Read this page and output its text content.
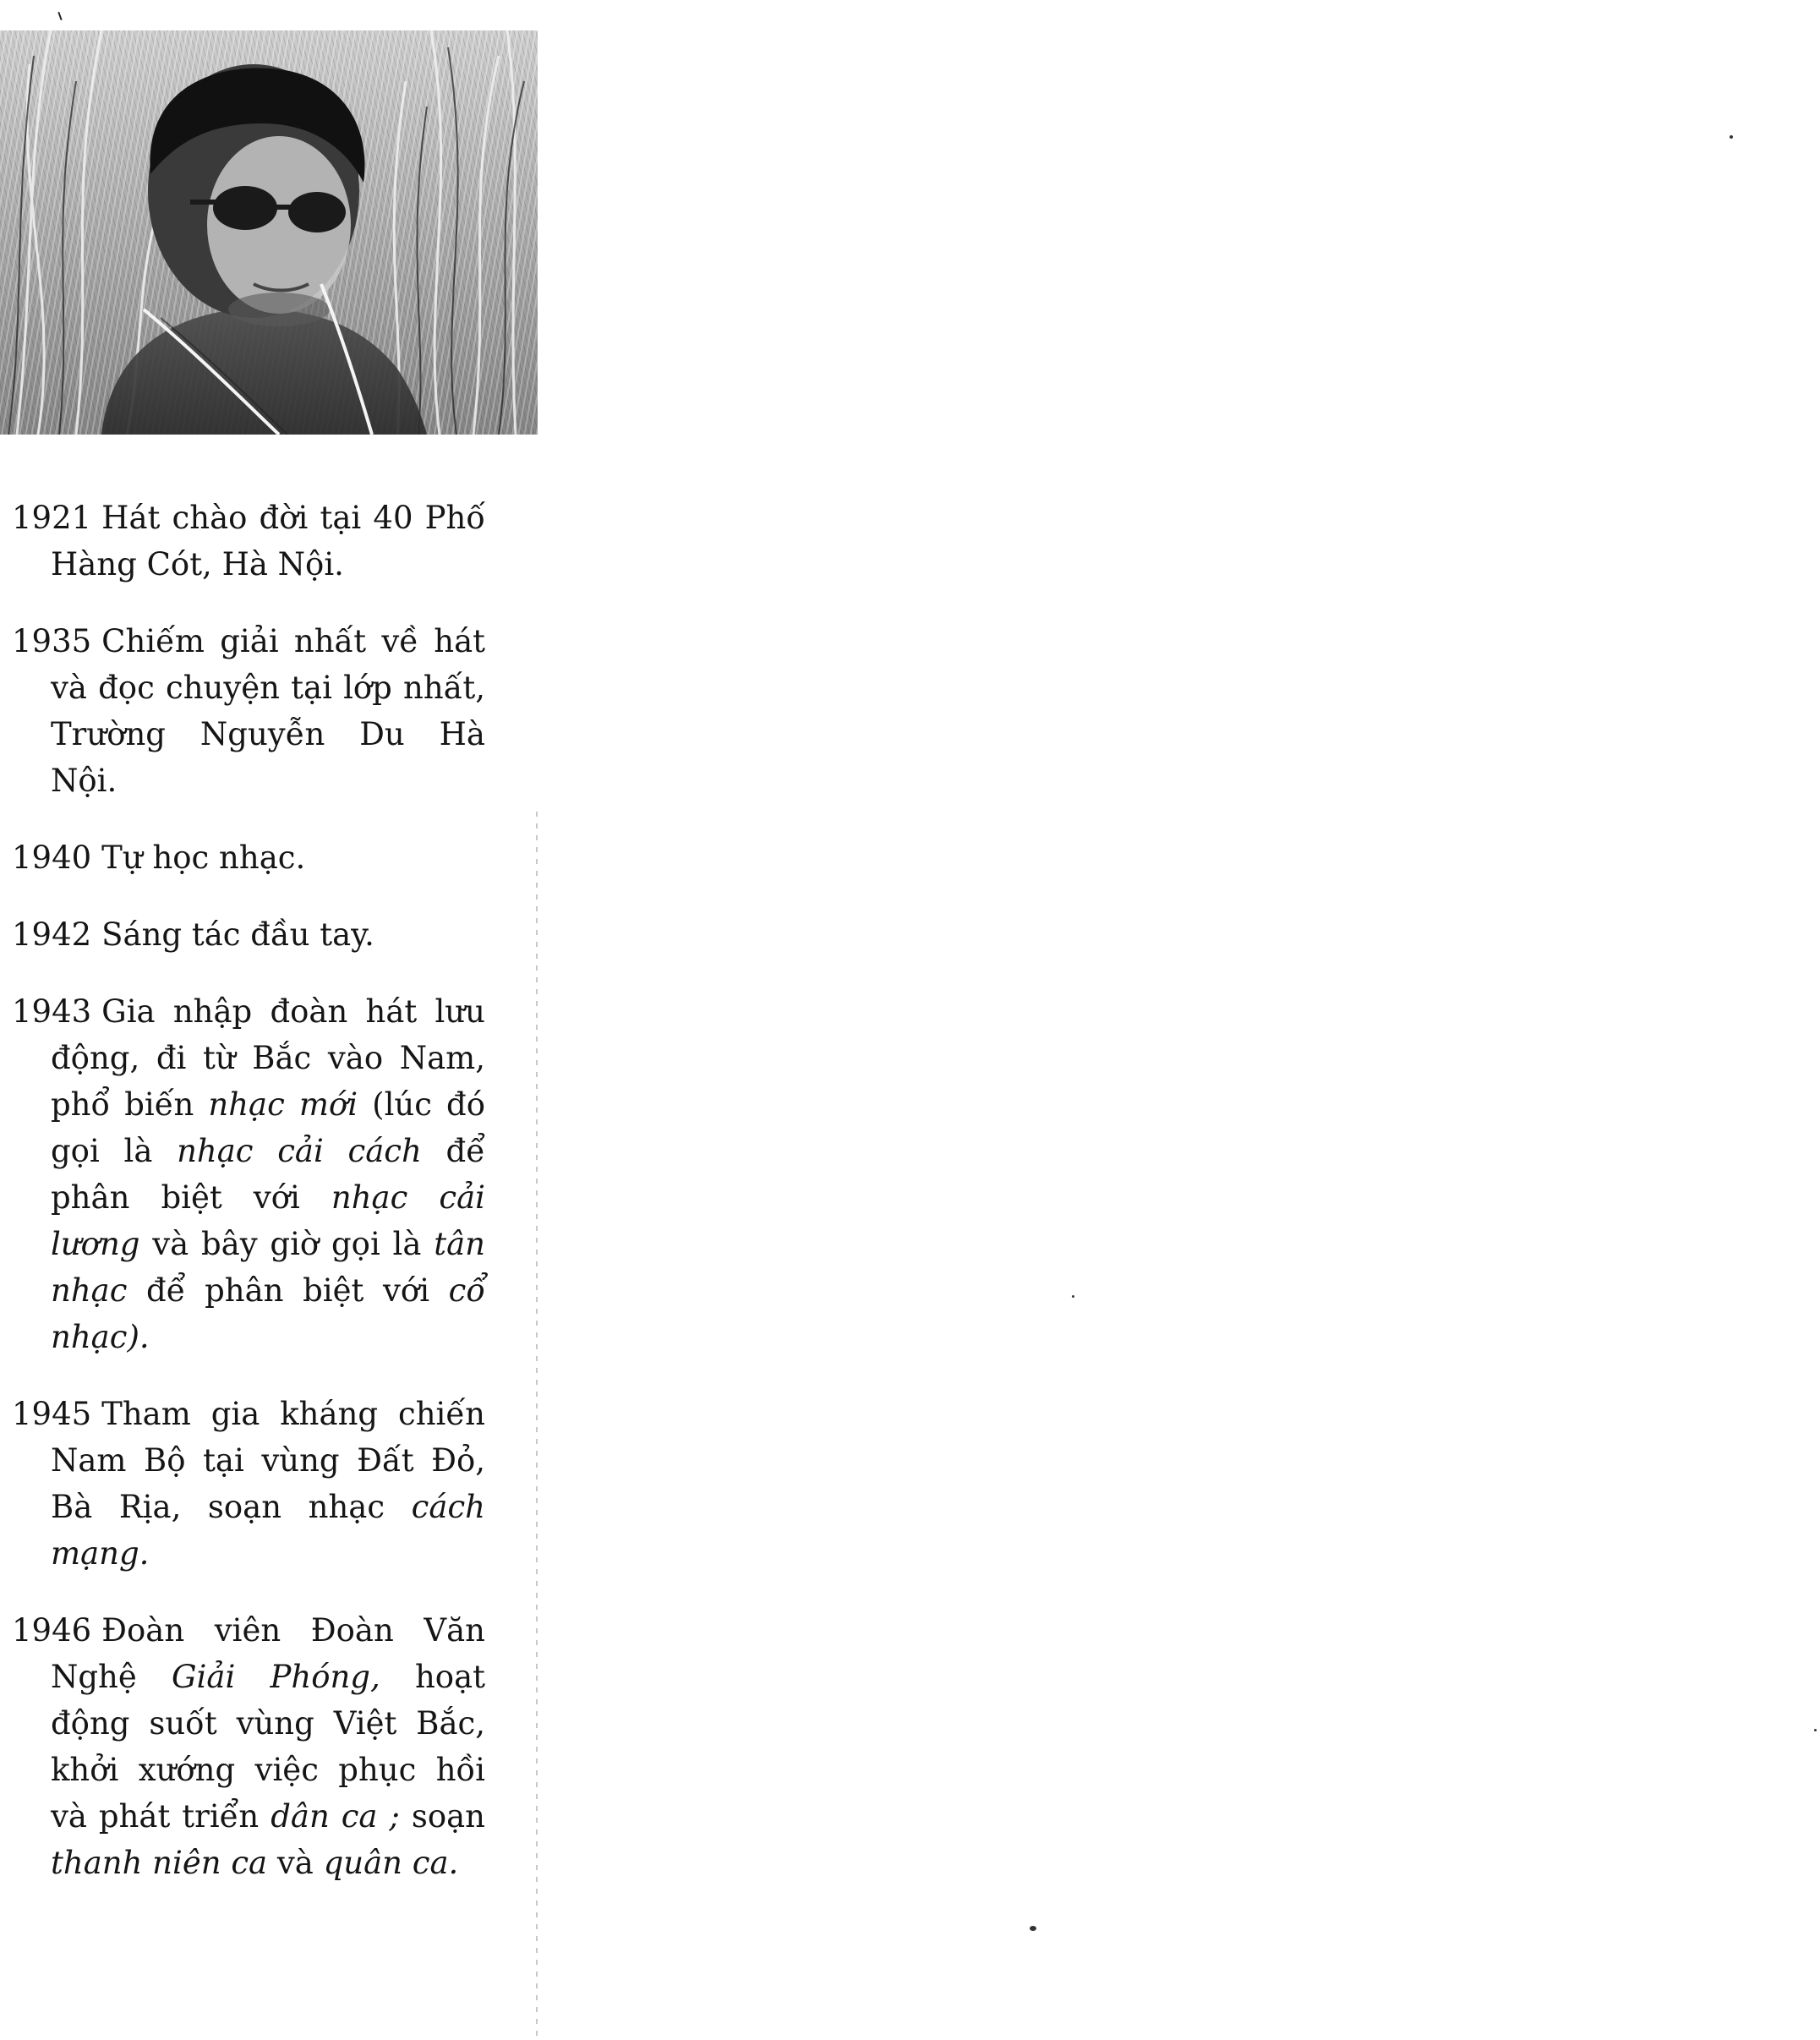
1921 Hát chào đời tại 40 Phố Hàng Cót, Hà Nội.
1935 Chiếm giải nhất về hát và đọc chuyện tại lớp nhất, Trường Nguyễn Du Hà Nội.
1940 Tự học nhạc.
1942 Sáng tác đầu tay.
1943 Gia nhập đoàn hát lưu động, đi từ Bắc vào Nam, phổ biến nhạc mới (lúc đó gọi là nhạc cải cách để phân biệt với nhạc cải lương và bây giờ gọi là tân nhạc để phân biệt với cổ nhạc).
1945 Tham gia kháng chiến Nam Bộ tại vùng Đất Đỏ, Bà Rịa, soạn nhạc cách mạng.
1946 Đoàn viên Đoàn Văn Nghệ Giải Phóng, hoạt động suốt vùng Việt Bắc, khởi xướng việc phục hồi và phát triển dân ca ; soạn thanh niên ca và quân ca.
